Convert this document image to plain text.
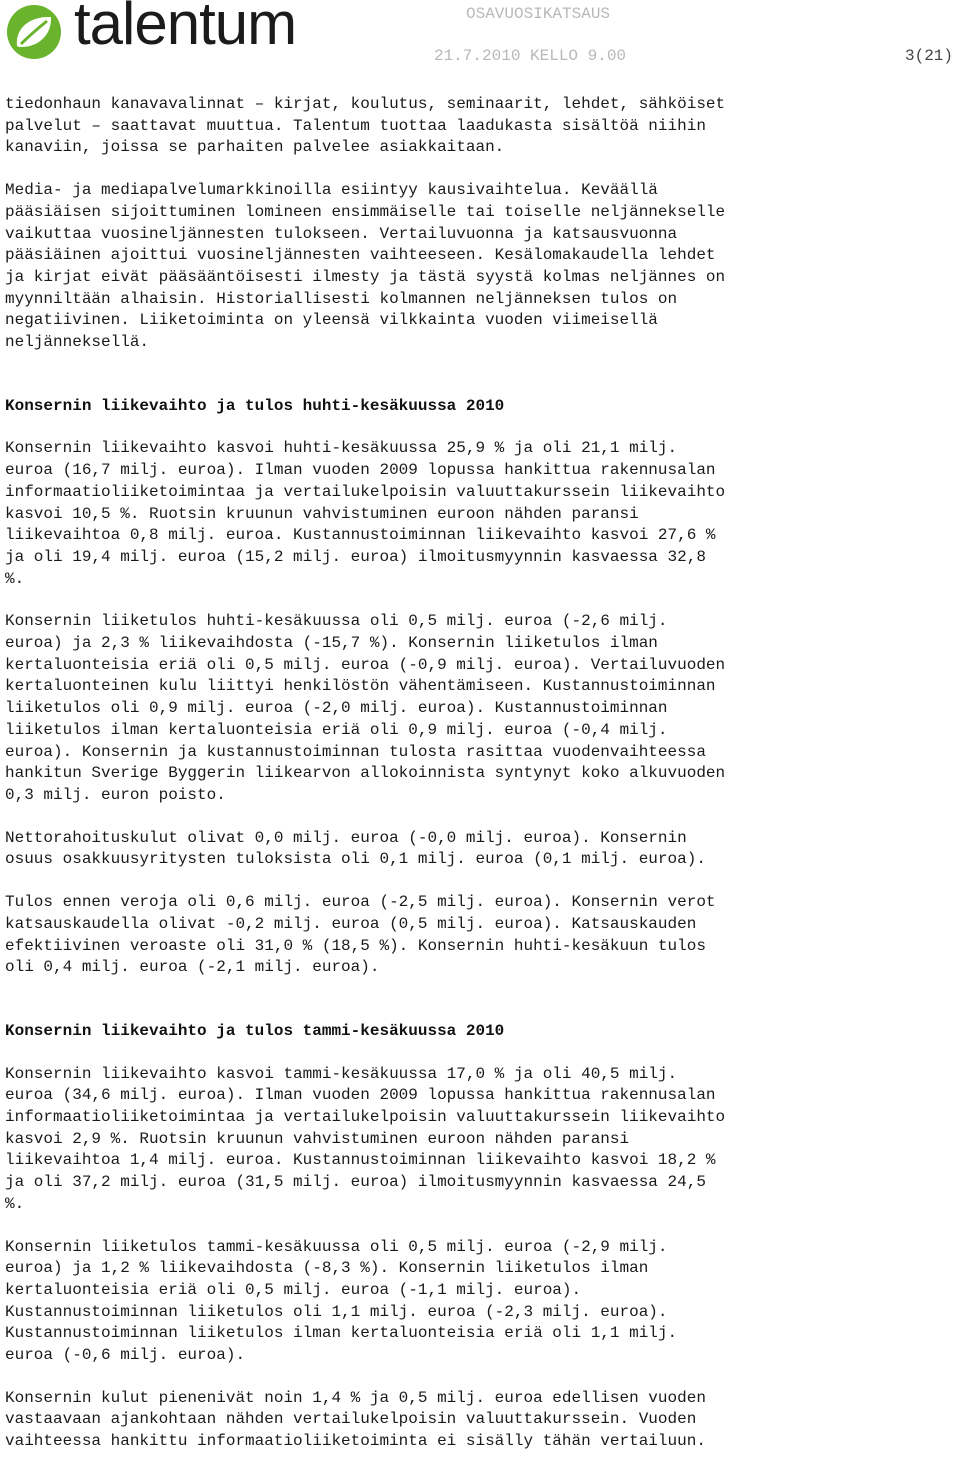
talentum	OSAVUOSIKATSAUS
21.7.2010 KELLO 9.00	3(21)
tiedonhaun kanavavalinnat – kirjat, koulutus, seminaarit, lehdet, sähköiset
palvelut – saattavat muuttua. Talentum tuottaa laadukasta sisältöä niihin
kanaviin, joissa se parhaiten palvelee asiakkaitaan.
Media- ja mediapalvelumarkkinoilla esiintyy kausivaihtelua. Keväällä
pääsiäisen sijoittuminen lomineen ensimmäiselle tai toiselle neljännekselle
vaikuttaa vuosineljännesten tulokseen. Vertailuvuonna ja katsausvuonna
pääsiäinen ajoittui vuosineljännesten vaihteeseen. Kesälomakaudella lehdet
ja kirjat eivät pääsääntöisesti ilmesty ja tästä syystä kolmas neljännes on
myynniltään alhaisin. Historiallisesti kolmannen neljänneksen tulos on
negatiivinen. Liiketoiminta on yleensä vilkkainta vuoden viimeisellä
neljänneksellä.
Konsernin liikevaihto ja tulos huhti-kesäkuussa 2010
Konsernin liikevaihto kasvoi huhti-kesäkuussa 25,9 % ja oli 21,1 milj.
euroa (16,7 milj. euroa). Ilman vuoden 2009 lopussa hankittua rakennusalan
informaatioliiketoimintaa ja vertailukelpoisin valuuttakurssein liikevaihto
kasvoi 10,5 %. Ruotsin kruunun vahvistuminen euroon nähden paransi
liikevaihtoa 0,8 milj. euroa. Kustannustoiminnan liikevaihto kasvoi 27,6 %
ja oli 19,4 milj. euroa (15,2 milj. euroa) ilmoitusmyynnin kasvaessa 32,8
%.
Konsernin liiketulos huhti-kesäkuussa oli 0,5 milj. euroa (-2,6 milj.
euroa) ja 2,3 % liikevaihdosta (-15,7 %). Konsernin liiketulos ilman
kertaluonteisia eriä oli 0,5 milj. euroa (-0,9 milj. euroa). Vertailuvuoden
kertaluonteinen kulu liittyi henkilöstön vähentämiseen. Kustannustoiminnan
liiketulos oli 0,9 milj. euroa (-2,0 milj. euroa). Kustannustoiminnan
liiketulos ilman kertaluonteisia eriä oli 0,9 milj. euroa (-0,4 milj.
euroa). Konsernin ja kustannustoiminnan tulosta rasittaa vuodenvaihteessa
hankitun Sverige Byggerin liikearvon allokoinnista syntynyt koko alkuvuoden
0,3 milj. euron poisto.
Nettorahoituskulut olivat 0,0 milj. euroa (-0,0 milj. euroa). Konsernin
osuus osakkuusyritysten tuloksista oli 0,1 milj. euroa (0,1 milj. euroa).
Tulos ennen veroja oli 0,6 milj. euroa (-2,5 milj. euroa). Konsernin verot
katsauskaudella olivat -0,2 milj. euroa (0,5 milj. euroa). Katsauskauden
efektiivinen veroaste oli 31,0 % (18,5 %). Konsernin huhti-kesäkuun tulos
oli 0,4 milj. euroa (-2,1 milj. euroa).
Konsernin liikevaihto ja tulos tammi-kesäkuussa 2010
Konsernin liikevaihto kasvoi tammi-kesäkuussa 17,0 % ja oli 40,5 milj.
euroa (34,6 milj. euroa). Ilman vuoden 2009 lopussa hankittua rakennusalan
informaatioliiketoimintaa ja vertailukelpoisin valuuttakurssein liikevaihto
kasvoi 2,9 %. Ruotsin kruunun vahvistuminen euroon nähden paransi
liikevaihtoa 1,4 milj. euroa. Kustannustoiminnan liikevaihto kasvoi 18,2 %
ja oli 37,2 milj. euroa (31,5 milj. euroa) ilmoitusmyynnin kasvaessa 24,5
%.
Konsernin liiketulos tammi-kesäkuussa oli 0,5 milj. euroa (-2,9 milj.
euroa) ja 1,2 % liikevaihdosta (-8,3 %). Konsernin liiketulos ilman
kertaluonteisia eriä oli 0,5 milj. euroa (-1,1 milj. euroa).
Kustannustoiminnan liiketulos oli 1,1 milj. euroa (-2,3 milj. euroa).
Kustannustoiminnan liiketulos ilman kertaluonteisia eriä oli 1,1 milj.
euroa (-0,6 milj. euroa).
Konsernin kulut pienenivät noin 1,4 % ja 0,5 milj. euroa edellisen vuoden
vastaavaan ajankohtaan nähden vertailukelpoisin valuuttakurssein. Vuoden
vaihteessa hankittu informaatioliiketoiminta ei sisälly tähän vertailuun.
